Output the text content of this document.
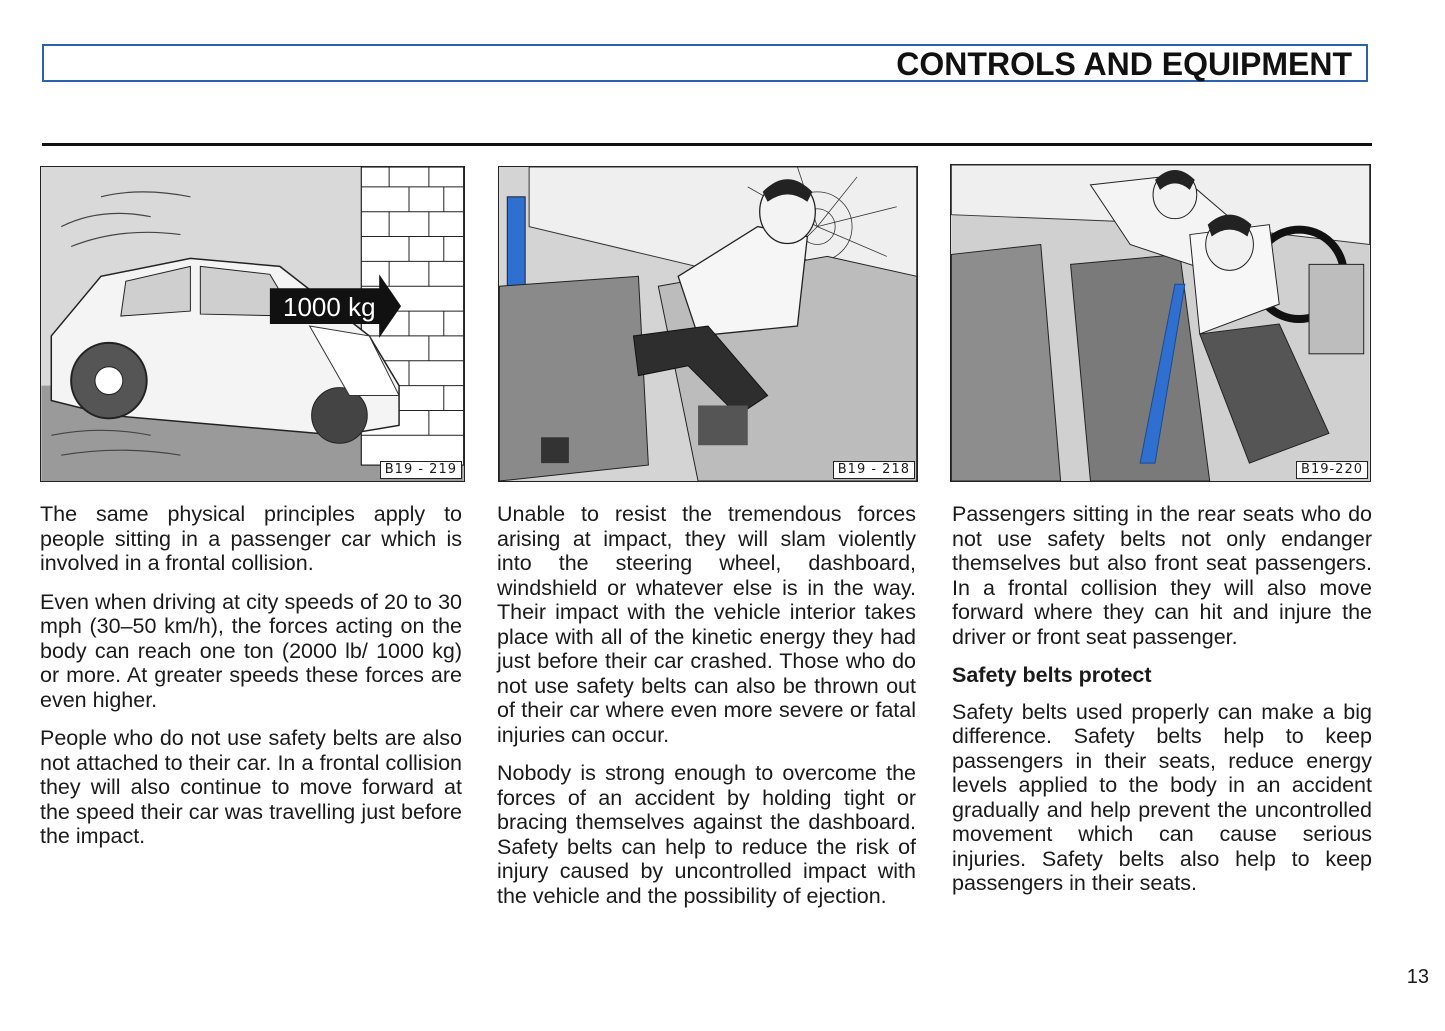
CONTROLS AND EQUIPMENT
1000 kg
B19 - 219	B19 - 218	B19-220

The same physical principles apply to people sitting in a passenger car which is involved in a frontal collision.

Even when driving at city speeds of 20 to 30 mph (30–50 km/h), the forces acting on the body can reach one ton (2000 lb/ 1000 kg) or more. At greater speeds these forces are even higher.

People who do not use safety belts are also not attached to their car. In a frontal collision they will also continue to move forward at the speed their car was travelling just before the impact.

Unable to resist the tremendous forces arising at impact, they will slam violently into the steering wheel, dashboard, windshield or whatever else is in the way. Their impact with the vehicle interior takes place with all of the kinetic energy they had just before their car crashed. Those who do not use safety belts can also be thrown out of their car where even more severe or fatal injuries can occur.

Nobody is strong enough to overcome the forces of an accident by holding tight or bracing themselves against the dashboard. Safety belts can help to reduce the risk of injury caused by uncontrolled impact with the vehicle and the possibility of ejection.

Passengers sitting in the rear seats who do not use safety belts not only endanger themselves but also front seat passengers. In a frontal collision they will also move forward where they can hit and injure the driver or front seat passenger.

Safety belts protect

Safety belts used properly can make a big difference. Safety belts help to keep passengers in their seats, reduce energy levels applied to the body in an accident gradually and help prevent the uncontrolled movement which can cause serious injuries. Safety belts also help to keep passengers in their seats.

13
